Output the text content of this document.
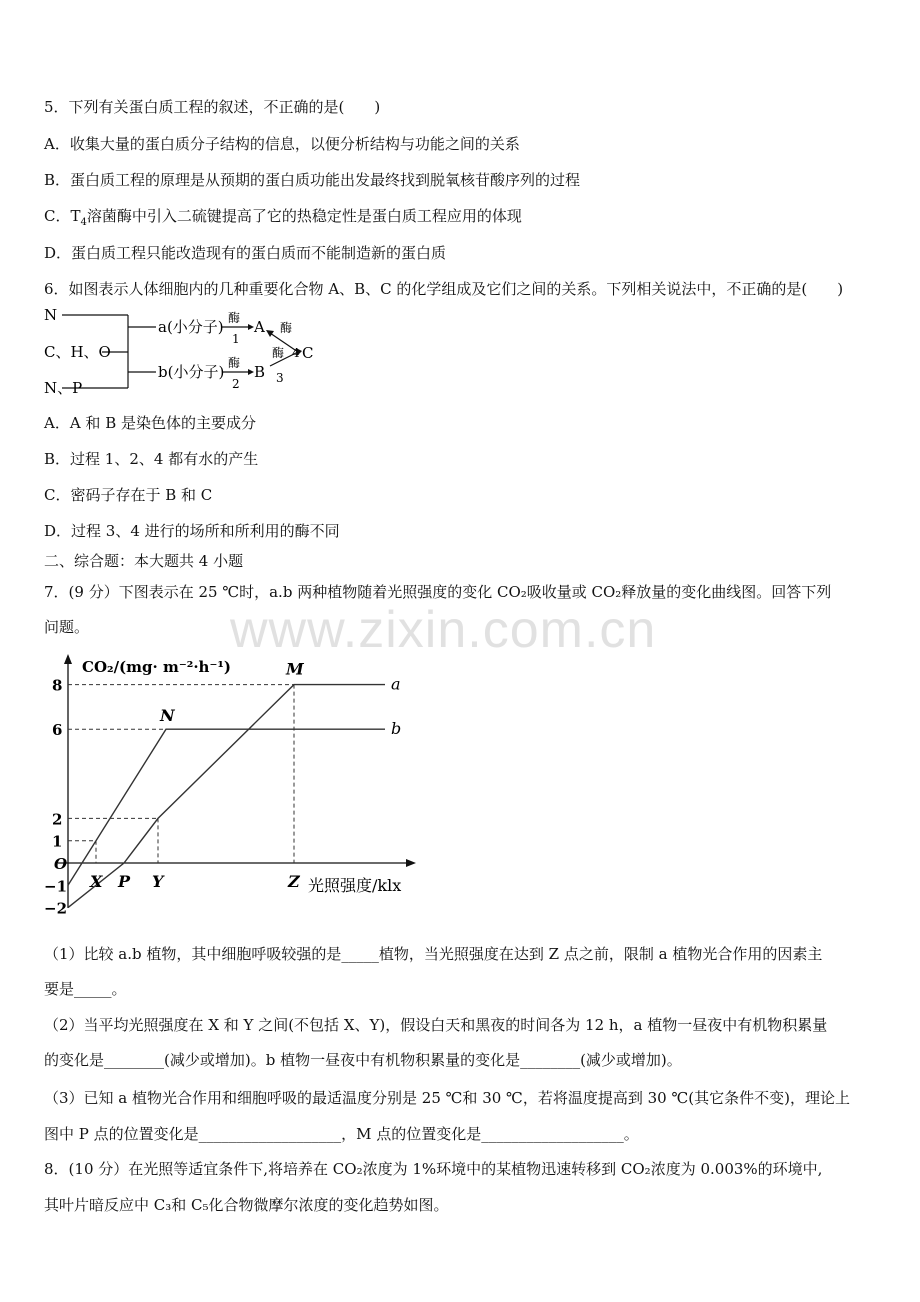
5．下列有关蛋白质工程的叙述，不正确的是(　　)
A．收集大量的蛋白质分子结构的信息，以便分析结构与功能之间的关系
B．蛋白质工程的原理是从预期的蛋白质功能出发最终找到脱氧核苷酸序列的过程
C．$T_4$溶菌酶中引入二硫键提高了它的热稳定性是蛋白质工程应用的体现
D．蛋白质工程只能改造现有的蛋白质而不能制造新的蛋白质
6．如图表示人体细胞内的几种重要化合物 A、B、C 的化学组成及它们之间的关系。下列相关说法中，不正确的是(　　)
N
C、H、O
N、P
a(小分子)
b(小分子)
酶
1
酶
2
A
B
C
酶
酶 4
3
A．A 和 B 是染色体的主要成分
B．过程 1、2、4 都有水的产生
C．密码子存在于 B 和 C
D．过程 3、4 进行的场所和所利用的酶不同
二、综合题：本大题共 4 小题
7．(9 分）下图表示在 25 ℃时，a.b 两种植物随着光照强度的变化 CO₂吸收量或 CO₂释放量的变化曲线图。回答下列
问题。	www.zixin.com.cn
CO₂/(mg· m⁻²·h⁻¹)
光照强度/klx
a
b
8
6
2
1
O
−1
−2
X P Y	Z
M
N
（1）比较 a.b 植物，其中细胞呼吸较强的是_____植物，当光照强度在达到 Z 点之前，限制 a 植物光合作用的因素主
要是_____。
（2）当平均光照强度在 X 和 Y 之间(不包括 X、Y)，假设白天和黑夜的时间各为 12 h，a 植物一昼夜中有机物积累量
的变化是________(减少或增加)。b 植物一昼夜中有机物积累量的变化是________(减少或增加)。
（3）已知 a 植物光合作用和细胞呼吸的最适温度分别是 25 ℃和 30 ℃，若将温度提高到 30 ℃(其它条件不变)，理论上
图中 P 点的位置变化是___________________，M 点的位置变化是___________________。
8．(10 分）在光照等适宜条件下,将培养在 CO₂浓度为 1%环境中的某植物迅速转移到 CO₂浓度为 0.003%的环境中,
其叶片暗反应中 C₃和 C₅化合物微摩尔浓度的变化趋势如图。
